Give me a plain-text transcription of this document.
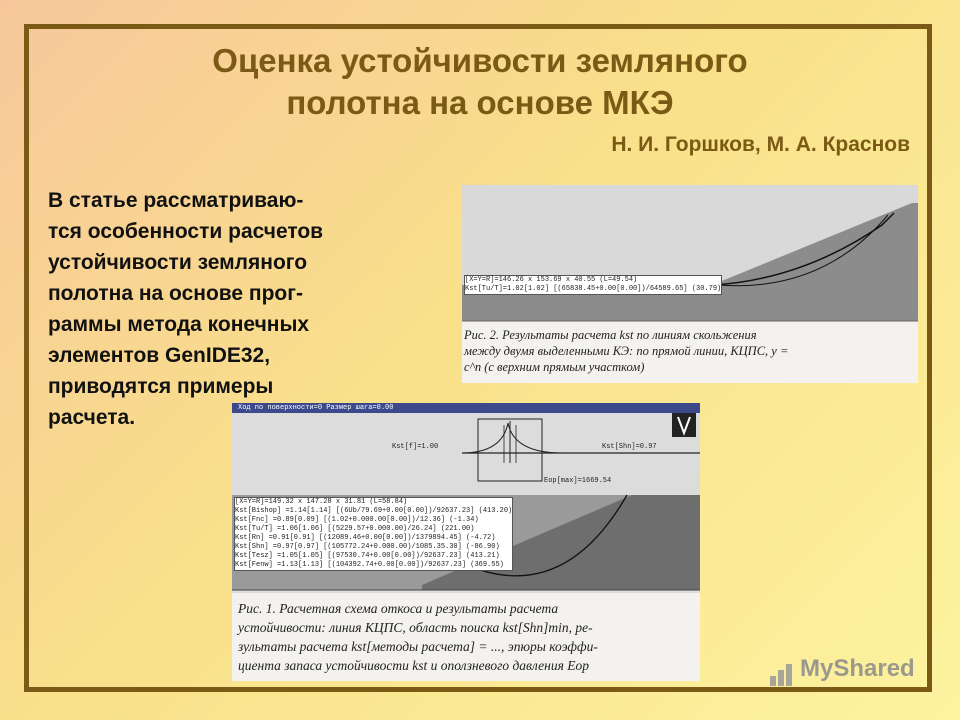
Оценка устойчивости земляного
полотна на основе МКЭ
Н. И. Горшков, М. А. Краснов
В статье рассматриваю-
тся особенности расчетов
устойчивости земляного
полотна на основе прог-
раммы метода конечных
элементов GenIDE32,
приводятся примеры
расчета.
[X=Y=R]=146.26 x 153.69 x 40.55 (L=49.54)
Kst[Tu/T]=1.02[1.02] [(65838.45+0.00[0.00])/64589.65] (30.79)
Рис. 2. Результаты расчета kst по линиям скольжения
между двумя выделенными КЭ: по прямой линии, КЦПС, y =
с^п (с верхним прямым участком)
Ход по поверхности=0 Размер шага=0.00
Kst[f]=1.00	Kst[Shn]=0.97
Eop[max]=1669.54
[X=Y=R]=149.32 x 147.28 x 31.81 (L=58.84)
Kst[Bishop] =1.14[1.14] [(6Ub/79.69+0.00[0.00])/92637.23] (413.20)
Kst[Fnc] =0.89[0.09] [(1.02+0.000.00[0.00])/12.36] (-1.34)
Kst[Tu/T] =1.06[1.06] [(5229.57+0.000.00)/26.24] (221.00)
Kst[Rn] =0.91[0.91] [(12089.46+0.00[0.00])/1379894.45] (-4.72)
Kst[Shn] =0.97[0.97] [(105772.24+0.000.00)/1085.35.30] (-86.90)
Kst[Tesz] =1.05[1.05] [(97530.74+0.00[0.00])/92637.23] (413.21)
Kst[Fenw] =1.13[1.13] [(104392.74+0.00[0.00])/92637.23] (369.55)
Рис. 1. Расчетная схема откоса и результаты расчета
устойчивости: линия КЦПС, область поиска kst[Shn]min, ре-
зультаты расчета kst[методы расчета] = ..., эпюры коэффи-
циента запаса устойчивости kst и оползневого давления Eop	MyShared
